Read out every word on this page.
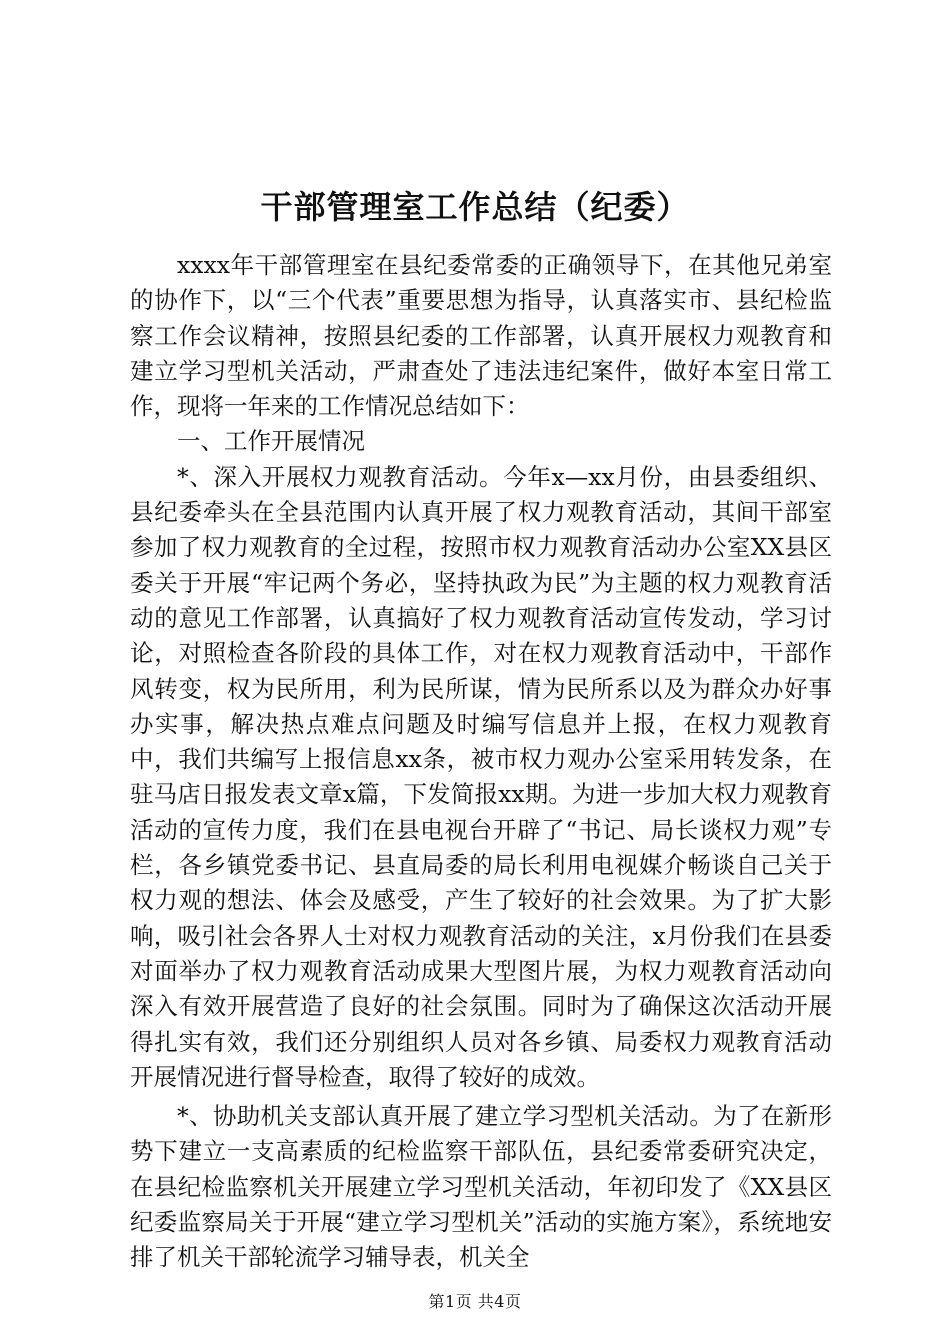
干部管理室工作总结（纪委）

xxxx年干部管理室在县纪委常委的正确领导下，在其他兄弟室的协作下，以“三个代表”重要思想为指导，认真落实市、县纪检监察工作会议精神，按照县纪委的工作部署，认真开展权力观教育和建立学习型机关活动，严肃查处了违法违纪案件，做好本室日常工作，现将一年来的工作情况总结如下：

一、工作开展情况

*、深入开展权力观教育活动。今年x—xx月份，由县委组织、县纪委牵头在全县范围内认真开展了权力观教育活动，其间干部室参加了权力观教育的全过程，按照市权力观教育活动办公室XX县区委关于开展“牢记两个务必，坚持执政为民”为主题的权力观教育活动的意见工作部署，认真搞好了权力观教育活动宣传发动，学习讨论，对照检查各阶段的具体工作，对在权力观教育活动中，干部作风转变，权为民所用，利为民所谋，情为民所系以及为群众办好事办实事，解决热点难点问题及时编写信息并上报，在权力观教育中，我们共编写上报信息xx条，被市权力观办公室采用转发条，在驻马店日报发表文章x篇，下发简报xx期。为进一步加大权力观教育活动的宣传力度，我们在县电视台开辟了“书记、局长谈权力观”专栏，各乡镇党委书记、县直局委的局长利用电视媒介畅谈自己关于权力观的想法、体会及感受，产生了较好的社会效果。为了扩大影响，吸引社会各界人士对权力观教育活动的关注，x月份我们在县委对面举办了权力观教育活动成果大型图片展，为权力观教育活动向深入有效开展营造了良好的社会氛围。同时为了确保这次活动开展得扎实有效，我们还分别组织人员对各乡镇、局委权力观教育活动开展情况进行督导检查，取得了较好的成效。

*、协助机关支部认真开展了建立学习型机关活动。为了在新形势下建立一支高素质的纪检监察干部队伍，县纪委常委研究决定，在县纪检监察机关开展建立学习型机关活动，年初印发了《XX县区纪委监察局关于开展“建立学习型机关”活动的实施方案》，系统地安排了机关干部轮流学习辅导表，机关全

第1页 共4页
